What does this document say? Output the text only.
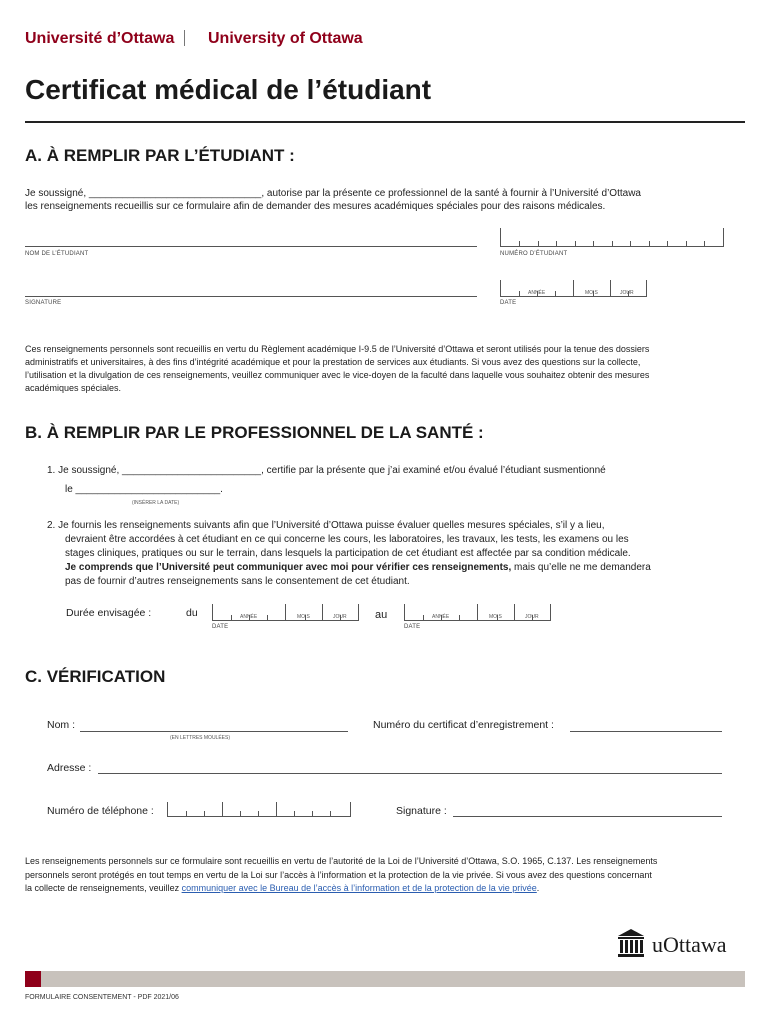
Université d’Ottawa University of Ottawa
Certificat médical de l’étudiant
A. À REMPLIR PAR L’ÉTUDIANT :
Je soussigné, _______________________________, autorise par la présente ce professionnel de la santé à fournir à l’Université d’Ottawa
les renseignements recueillis sur ce formulaire afin de demander des mesures académiques spéciales pour des raisons médicales.
NOM DE L’ÉTUDIANT	NUMÉRO D’ÉTUDIANT
SIGNATURE
ANNÉE	MOIS	JOUR
DATE
Ces renseignements personnels sont recueillis en vertu du Règlement académique I-9.5 de l’Université d’Ottawa et seront utilisés pour la tenue des dossiers
administratifs et universitaires, à des fins d’intégrité académique et pour la prestation de services aux étudiants. Si vous avez des questions sur la collecte,
l’utilisation et la divulgation de ces renseignements, veuillez communiquer avec le vice-doyen de la faculté dans laquelle vous souhaitez obtenir des mesures
académiques spéciales.
B. À REMPLIR PAR LE PROFESSIONNEL DE LA SANTÉ :
1. Je soussigné, _________________________, certifie par la présente que j’ai examiné et/ou évalué l’étudiant susmentionné
le __________________________.
(INSÉRER LA DATE)
2. Je fournis les renseignements suivants afin que l’Université d’Ottawa puisse évaluer quelles mesures spéciales, s’il y a lieu,
devraient être accordées à cet étudiant en ce qui concerne les cours, les laboratoires, les travaux, les tests, les examens ou les
stages cliniques, pratiques ou sur le terrain, dans lesquels la participation de cet étudiant est affectée par sa condition médicale.
Je comprends que l’Université peut communiquer avec moi pour vérifier ces renseignements, mais qu’elle ne me demandera
pas de fournir d’autres renseignements sans le consentement de cet étudiant.
Durée envisagée :	du	ANNÉE	MOIS	JOUR
DATE
au	ANNÉE	MOIS	JOUR
DATE
C. VÉRIFICATION
Nom :
(EN LETTRES MOULÉES)
Numéro du certificat d’enregistrement :
Adresse :
Numéro de téléphone :	Signature :
Les renseignements personnels sur ce formulaire sont recueillis en vertu de l’autorité de la Loi de l’Université d’Ottawa, S.O. 1965, C.137. Les renseignements
personnels seront protégés en tout temps en vertu de la Loi sur l’accès à l’information et la protection de la vie privée. Si vous avez des questions concernant
la collecte de renseignements, veuillez communiquer avec le Bureau de l’accès à l’information et de la protection de la vie privée.
uOttawa
FORMULAIRE CONSENTEMENT - PDF 2021/06
